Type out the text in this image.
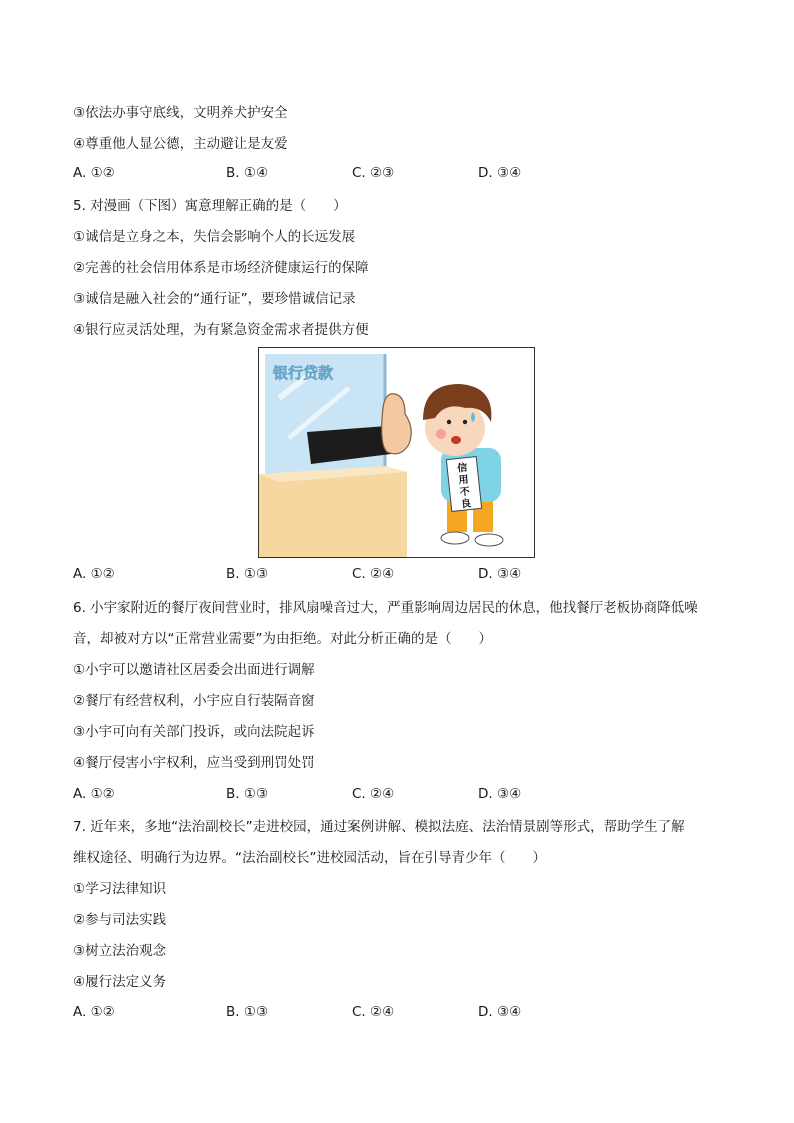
③依法办事守底线，文明养犬护安全
④尊重他人显公德，主动避让是友爱
A. ①②	B. ①④	C. ②③	D. ③④
5. 对漫画（下图）寓意理解正确的是（　　）
①诚信是立身之本，失信会影响个人的长远发展
②完善的社会信用体系是市场经济健康运行的保障
③诚信是融入社会的“通行证”，要珍惜诚信记录
④银行应灵活处理，为有紧急资金需求者提供方便
银行贷款
信
用
不
良
A. ①②	B. ①③	C. ②④	D. ③④
6. 小宇家附近的餐厅夜间营业时，排风扇噪音过大，严重影响周边居民的休息，他找餐厅老板协商降低噪
音，却被对方以“正常营业需要”为由拒绝。对此分析正确的是（　　）
①小宇可以邀请社区居委会出面进行调解
②餐厅有经营权利，小宇应自行装隔音窗
③小宇可向有关部门投诉，或向法院起诉
④餐厅侵害小宇权利，应当受到刑罚处罚
A. ①②	B. ①③	C. ②④	D. ③④
7. 近年来，多地“法治副校长”走进校园，通过案例讲解、模拟法庭、法治情景剧等形式，帮助学生了解
维权途径、明确行为边界。“法治副校长”进校园活动，旨在引导青少年（　　）
①学习法律知识
②参与司法实践
③树立法治观念
④履行法定义务
A. ①②	B. ①③	C. ②④	D. ③④
